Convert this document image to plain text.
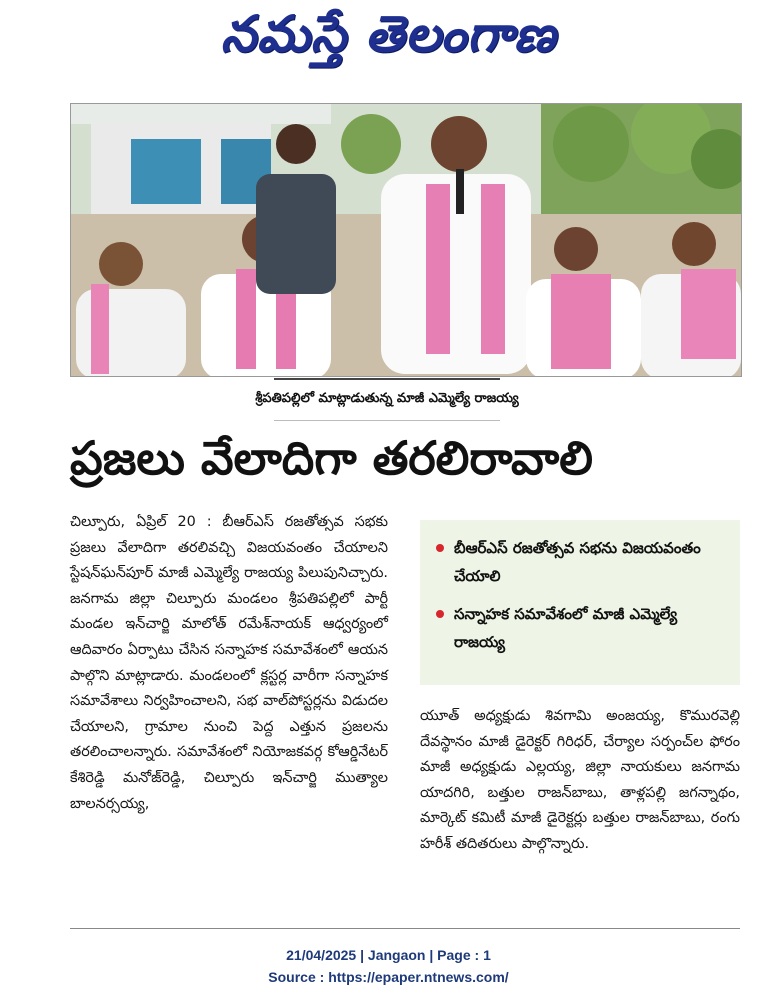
నమస్తే తెలంగాణ
శ్రీపతిపల్లిలో మాట్లాడుతున్న మాజీ ఎమ్మెల్యే రాజయ్య
ప్రజలు వేలాదిగా తరలిరావాలి
చిల్పూరు, ఏప్రిల్ 20 : బీఆర్ఎస్ రజతోత్సవ సభకు ప్రజలు వేలాదిగా తరలివచ్చి విజయవంతం చేయాలని స్టేషన్‌ఘన్‌పూర్ మాజీ ఎమ్మెల్యే రాజయ్య పిలుపునిచ్చారు. జనగామ జిల్లా చిల్పూరు మండలం శ్రీపతిపల్లిలో పార్టీ మండల ఇన్‌చార్జి మాలోత్ రమేశ్‌నాయక్ ఆధ్వర్యంలో ఆదివారం ఏర్పాటు చేసిన సన్నాహక సమావేశంలో ఆయన పాల్గొని మాట్లాడారు. మండలంలో క్లస్టర్ల వారీగా సన్నాహక సమావేశాలు నిర్వహించాలని, సభ వాల్‌పోస్టర్లను విడుదల చేయాలని, గ్రామాల నుంచి పెద్ద ఎత్తున ప్రజలను తరలించాలన్నారు. సమావేశంలో నియోజకవర్గ కోఆర్డినేటర్ కేశిరెడ్డి మనోజ్‌రెడ్డి, చిల్పూరు ఇన్‌చార్జి ముత్యాల బాలనర్సయ్య,
బీఆర్ఎస్ రజతోత్సవ సభను విజయవంతం చేయాలి
సన్నాహక సమావేశంలో మాజీ ఎమ్మెల్యే రాజయ్య
యూత్ అధ్యక్షుడు శివగామి అంజయ్య, కొమురవెల్లి దేవస్థానం మాజీ డైరెక్టర్ గిరిధర్, చేర్యాల సర్పంచ్‌ల ఫోరం మాజీ అధ్యక్షుడు ఎల్లయ్య, జిల్లా నాయకులు జనగామ యాదగిరి, బత్తుల రాజన్‌బాబు, తాళ్లపల్లి జగన్నాథం, మార్కెట్ కమిటీ మాజీ డైరెక్టర్లు బత్తుల రాజన్‌బాబు, రంగు హరీశ్ తదితరులు పాల్గొన్నారు.
21/04/2025 | Jangaon | Page : 1
Source : https://epaper.ntnews.com/
